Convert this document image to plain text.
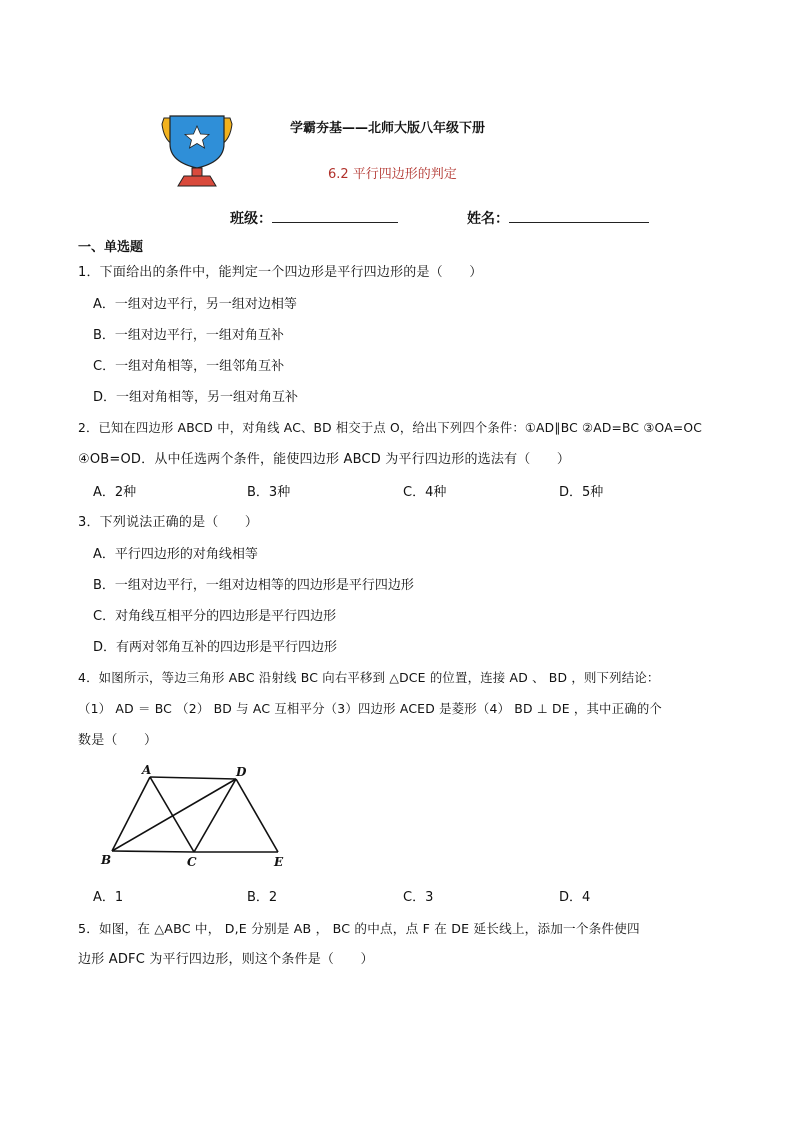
学霸夯基——北师大版八年级下册
6.2 平行四边形的判定
班级：	姓名：
一、单选题
1．下面给出的条件中，能判定一个四边形是平行四边形的是（　　）
A．一组对边平行，另一组对边相等
B．一组对边平行，一组对角互补
C．一组对角相等，一组邻角互补
D．一组对角相等，另一组对角互补
2．已知在四边形 ABCD 中，对角线 AC、BD 相交于点 O，给出下列四个条件：①AD∥BC ②AD=BC ③OA=OC
④OB=OD．从中任选两个条件，能使四边形 ABCD 为平行四边形的选法有（　　）
A．2种	B．3种	C．4种	D．5种
3．下列说法正确的是（　　）
A．平行四边形的对角线相等
B．一组对边平行，一组对边相等的四边形是平行四边形
C．对角线互相平分的四边形是平行四边形
D．有两对邻角互补的四边形是平行四边形
4．如图所示，等边三角形 ABC 沿射线 BC 向右平移到 △DCE 的位置，连接 AD 、 BD ，则下列结论：
（1） AD ＝ BC （2） BD 与 AC 互相平分（3）四边形 ACED 是菱形（4） BD ⊥ DE ，其中正确的个
数是（　　）
A	D
B	C	E
A．1	B．2	C．3	D．4
5．如图，在 △ABC 中， D,E 分别是 AB ， BC 的中点，点 F 在 DE 延长线上，添加一个条件使四
边形 ADFC 为平行四边形，则这个条件是（　　）
